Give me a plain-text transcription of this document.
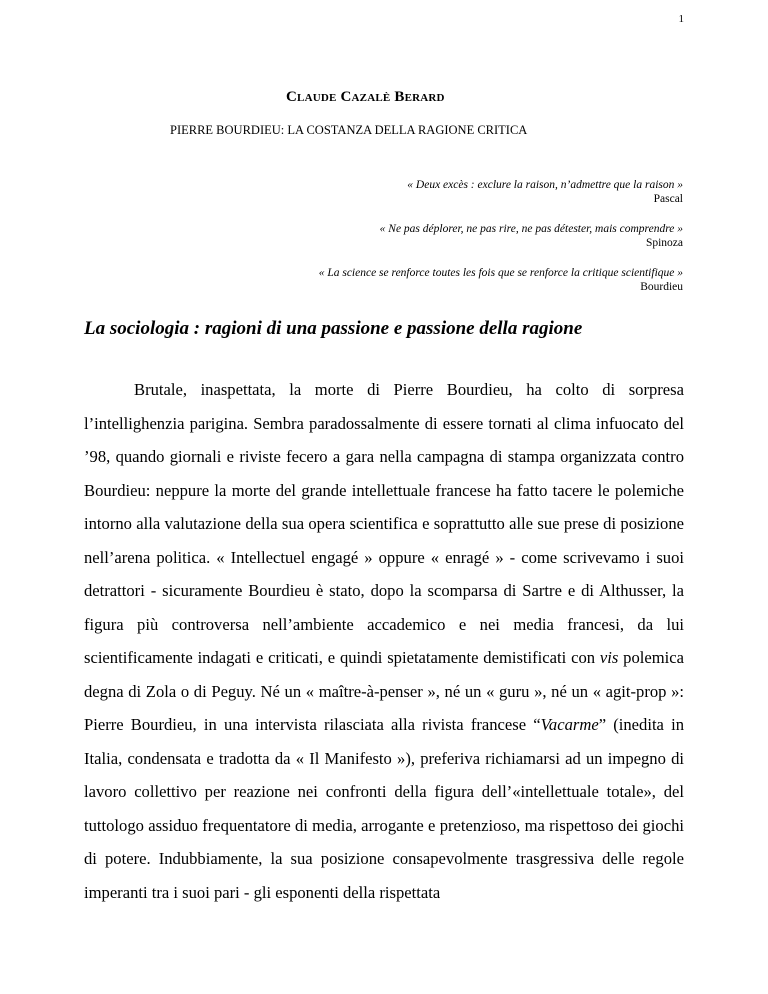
1
Claude Cazalè Berard
PIERRE BOURDIEU: LA COSTANZA DELLA RAGIONE CRITICA
« Deux excès : exclure la raison, n’admettre que la raison »
Pascal
« Ne pas déplorer, ne pas rire, ne pas détester, mais comprendre »
Spinoza
« La science se renforce toutes les fois que se renforce la critique scientifique »
Bourdieu
La sociologia : ragioni di una passione e passione della ragione

Brutale, inaspettata, la morte di Pierre Bourdieu, ha colto di sorpresa l’intellighenzia parigina. Sembra paradossalmente di essere tornati al clima infuocato del ’98, quando giornali e riviste fecero a gara nella campagna di stampa organizzata contro Bourdieu: neppure la morte del grande intellettuale francese ha fatto tacere le polemiche intorno alla valutazione della sua opera scientifica e soprattutto alle sue prese di posizione nell’arena politica. « Intellectuel engagé » oppure « enragé » - come scrivevamo i suoi detrattori - sicuramente Bourdieu è stato, dopo la scomparsa di Sartre e di Althusser, la figura più controversa nell’ambiente accademico e nei media francesi, da lui scientificamente indagati e criticati, e quindi spietatamente demistificati con vis polemica degna di Zola o di Peguy. Né un « maître-à-penser », né un « guru », né un « agit-prop »: Pierre Bourdieu, in una intervista rilasciata alla rivista francese “Vacarme” (inedita in Italia, condensata e tradotta da « Il Manifesto »), preferiva richiamarsi ad un impegno di lavoro collettivo per reazione nei confronti della figura dell’«intellettuale totale», del tuttologo assiduo frequentatore di media, arrogante e pretenzioso, ma rispettoso dei giochi di potere. Indubbiamente, la sua posizione consapevolmente trasgressiva delle regole imperanti tra i suoi pari - gli esponenti della rispettata
